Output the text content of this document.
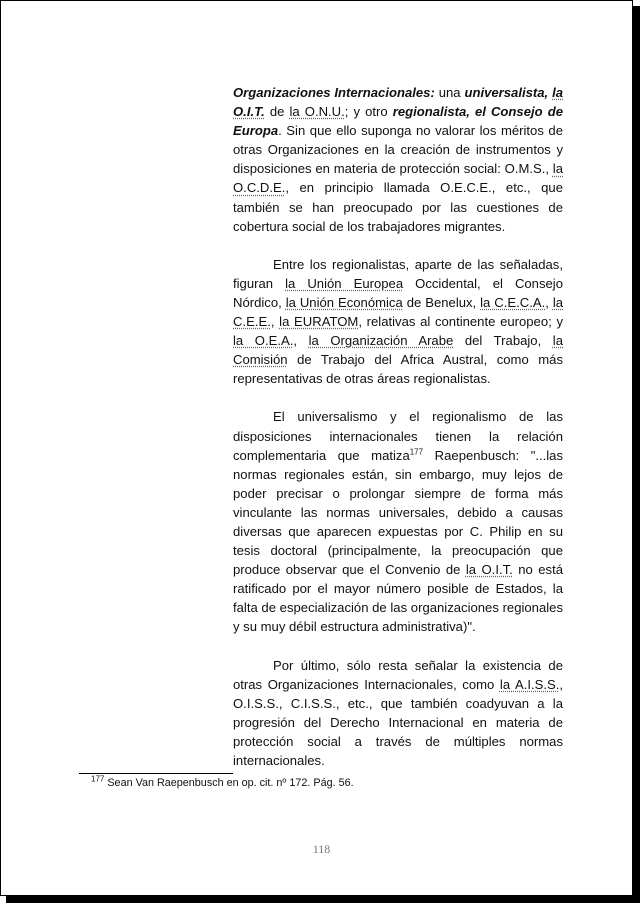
Organizaciones Internacionales: una universalista, la O.I.T. de la O.N.U.; y otro regionalista, el Consejo de Europa. Sin que ello suponga no valorar los méritos de otras Organizaciones en la creación de instrumentos y disposiciones en materia de protección social: O.M.S., la O.C.D.E., en principio llamada O.E.C.E., etc., que también se han preocupado por las cuestiones de cobertura social de los trabajadores migrantes.

Entre los regionalistas, aparte de las señaladas, figuran la Unión Europea Occidental, el Consejo Nórdico, la Unión Económica de Benelux, la C.E.C.A., la C.E.E., la EURATOM, relativas al continente europeo; y la O.E.A., la Organización Arabe del Trabajo, la Comisión de Trabajo del Africa Austral, como más representativas de otras áreas regionalistas.

El universalismo y el regionalismo de las disposiciones internacionales tienen la relación complementaria que matiza$^{177}$ Raepenbusch: "...las normas regionales están, sin embargo, muy lejos de poder precisar o prolongar siempre de forma más vinculante las normas universales, debido a causas diversas que aparecen expuestas por C. Philip en su tesis doctoral (principalmente, la preocupación que produce observar que el Convenio de la O.I.T. no está ratificado por el mayor número posible de Estados, la falta de especialización de las organizaciones regionales y su muy débil estructura administrativa)".

Por último, sólo resta señalar la existencia de otras Organizaciones Internacionales, como la A.I.S.S., O.I.S.S., C.I.S.S., etc., que también coadyuvan a la progresión del Derecho Internacional en materia de protección social a través de múltiples normas internacionales.

$^{177}$ Sean Van Raepenbusch en op. cit. nº 172. Pág. 56.
118
